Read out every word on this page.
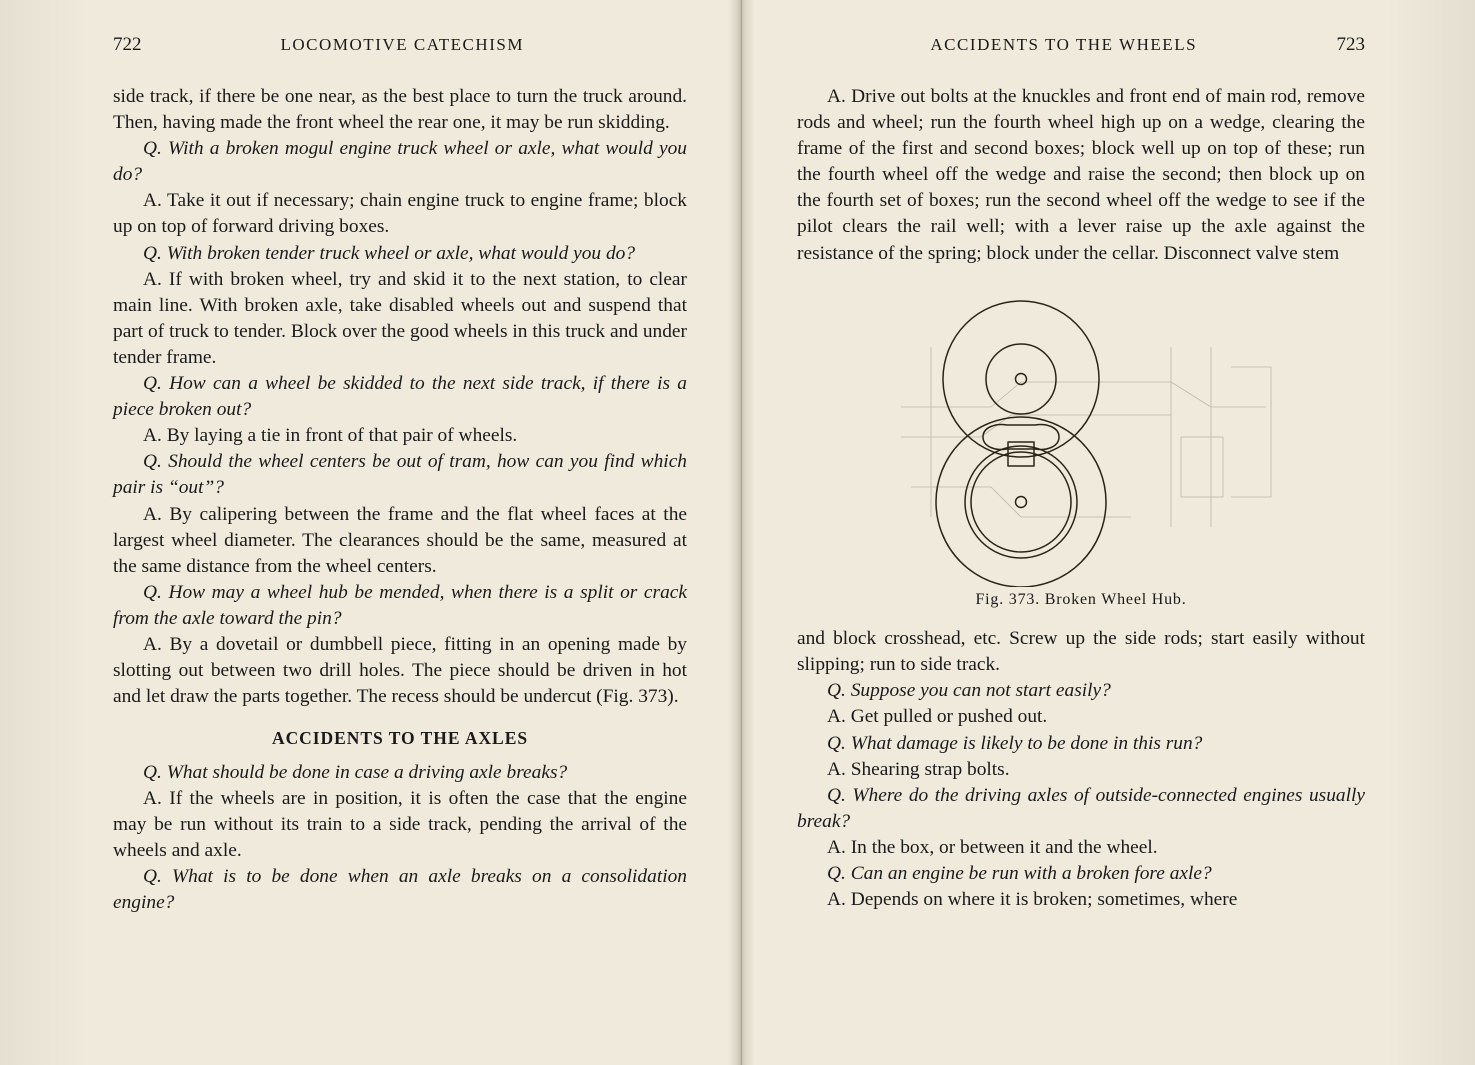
722	LOCOMOTIVE CATECHISM

side track, if there be one near, as the best place to turn the truck around. Then, having made the front wheel the rear one, it may be run skidding.

Q. With a broken mogul engine truck wheel or axle, what would you do?

A. Take it out if necessary; chain engine truck to engine frame; block up on top of forward driving boxes.

Q. With broken tender truck wheel or axle, what would you do?

A. If with broken wheel, try and skid it to the next station, to clear main line. With broken axle, take disabled wheels out and suspend that part of truck to tender. Block over the good wheels in this truck and under tender frame.

Q. How can a wheel be skidded to the next side track, if there is a piece broken out?

A. By laying a tie in front of that pair of wheels.

Q. Should the wheel centers be out of tram, how can you find which pair is “out”?

A. By calipering between the frame and the flat wheel faces at the largest wheel diameter. The clearances should be the same, measured at the same distance from the wheel centers.

Q. How may a wheel hub be mended, when there is a split or crack from the axle toward the pin?

A. By a dovetail or dumbbell piece, fitting in an opening made by slotting out between two drill holes. The piece should be driven in hot and let draw the parts together. The recess should be undercut (Fig. 373).

ACCIDENTS TO THE AXLES

Q. What should be done in case a driving axle breaks?

A. If the wheels are in position, it is often the case that the engine may be run without its train to a side track, pending the arrival of the wheels and axle.

Q. What is to be done when an axle breaks on a consolidation engine?

ACCIDENTS TO THE WHEELS	723

A. Drive out bolts at the knuckles and front end of main rod, remove rods and wheel; run the fourth wheel high up on a wedge, clearing the frame of the first and second boxes; block well up on top of these; run the fourth wheel off the wedge and raise the second; then block up on the fourth set of boxes; run the second wheel off the wedge to see if the pilot clears the rail well; with a lever raise up the axle against the resistance of the spring; block under the cellar. Disconnect valve stem

Fig. 373. Broken Wheel Hub.

and block crosshead, etc. Screw up the side rods; start easily without slipping; run to side track.

Q. Suppose you can not start easily?

A. Get pulled or pushed out.

Q. What damage is likely to be done in this run?

A. Shearing strap bolts.

Q. Where do the driving axles of outside-connected engines usually break?

A. In the box, or between it and the wheel.

Q. Can an engine be run with a broken fore axle?

A. Depends on where it is broken; sometimes, where
